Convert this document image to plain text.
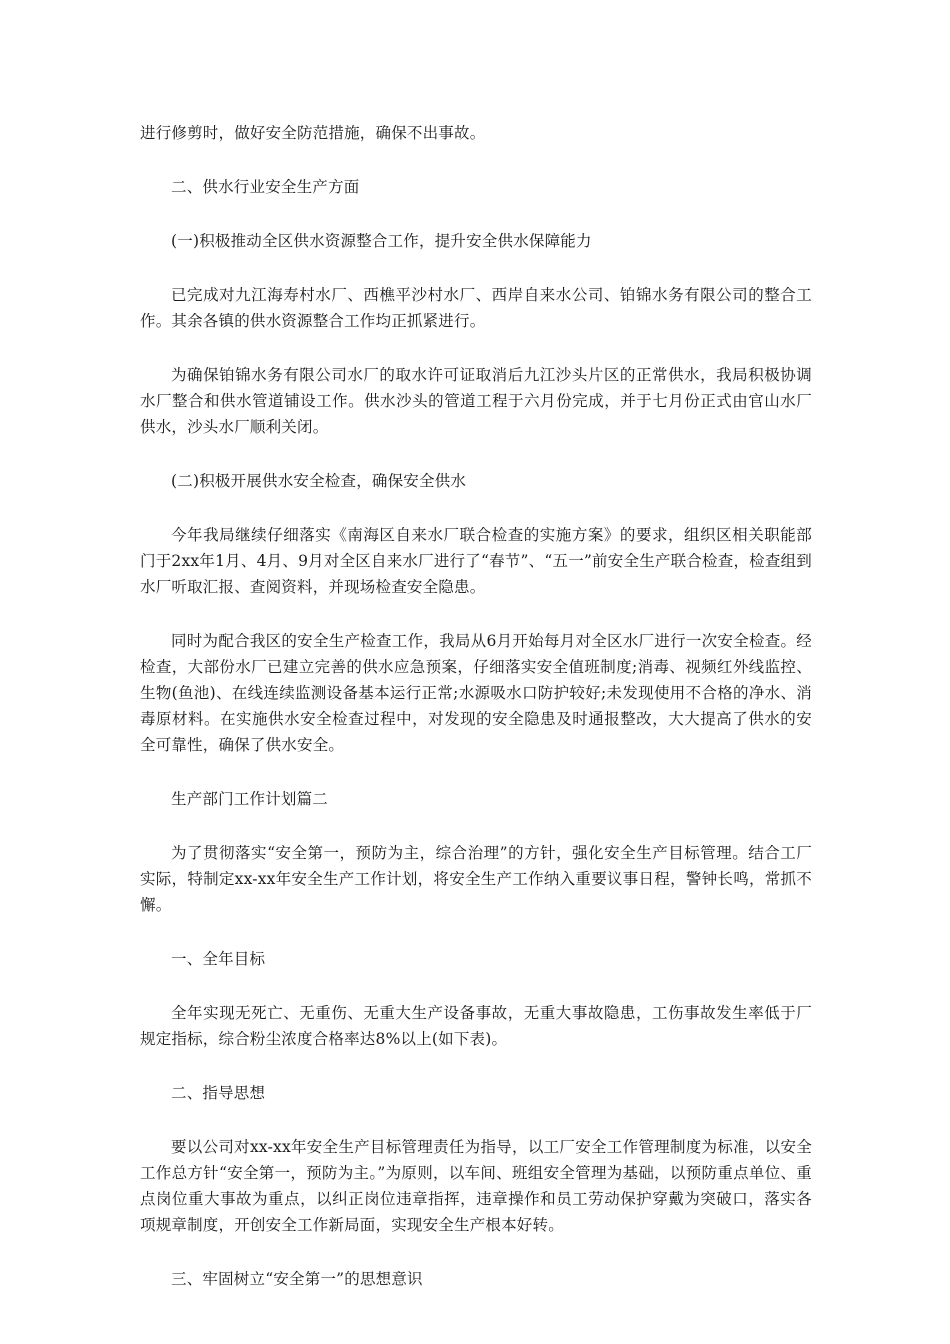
进行修剪时，做好安全防范措施，确保不出事故。

二、供水行业安全生产方面

(一)积极推动全区供水资源整合工作，提升安全供水保障能力

已完成对九江海寿村水厂、西樵平沙村水厂、西岸自来水公司、铂锦水务有限公司的整合工作。其余各镇的供水资源整合工作均正抓紧进行。

为确保铂锦水务有限公司水厂的取水许可证取消后九江沙头片区的正常供水，我局积极协调水厂整合和供水管道铺设工作。供水沙头的管道工程于六月份完成，并于七月份正式由官山水厂供水，沙头水厂顺利关闭。

(二)积极开展供水安全检查，确保安全供水

今年我局继续仔细落实《南海区自来水厂联合检查的实施方案》的要求，组织区相关职能部门于2xx年1月、4月、9月对全区自来水厂进行了“春节”、“五一”前安全生产联合检查，检查组到水厂听取汇报、查阅资料，并现场检查安全隐患。

同时为配合我区的安全生产检查工作，我局从6月开始每月对全区水厂进行一次安全检查。经检查，大部份水厂已建立完善的供水应急预案，仔细落实安全值班制度;消毒、视频红外线监控、生物(鱼池)、在线连续监测设备基本运行正常;水源吸水口防护较好;未发现使用不合格的净水、消毒原材料。在实施供水安全检查过程中，对发现的安全隐患及时通报整改，大大提高了供水的安全可靠性，确保了供水安全。

生产部门工作计划篇二

为了贯彻落实“安全第一，预防为主，综合治理”的方针，强化安全生产目标管理。结合工厂实际，特制定xx-xx年安全生产工作计划，将安全生产工作纳入重要议事日程，警钟长鸣，常抓不懈。

一、全年目标

全年实现无死亡、无重伤、无重大生产设备事故，无重大事故隐患，工伤事故发生率低于厂规定指标，综合粉尘浓度合格率达8%以上(如下表)。

二、指导思想

要以公司对xx-xx年安全生产目标管理责任为指导，以工厂安全工作管理制度为标准，以安全工作总方针“安全第一，预防为主。”为原则，以车间、班组安全管理为基础，以预防重点单位、重点岗位重大事故为重点，以纠正岗位违章指挥，违章操作和员工劳动保护穿戴为突破口，落实各项规章制度，开创安全工作新局面，实现安全生产根本好转。

三、牢固树立“安全第一”的思想意识
